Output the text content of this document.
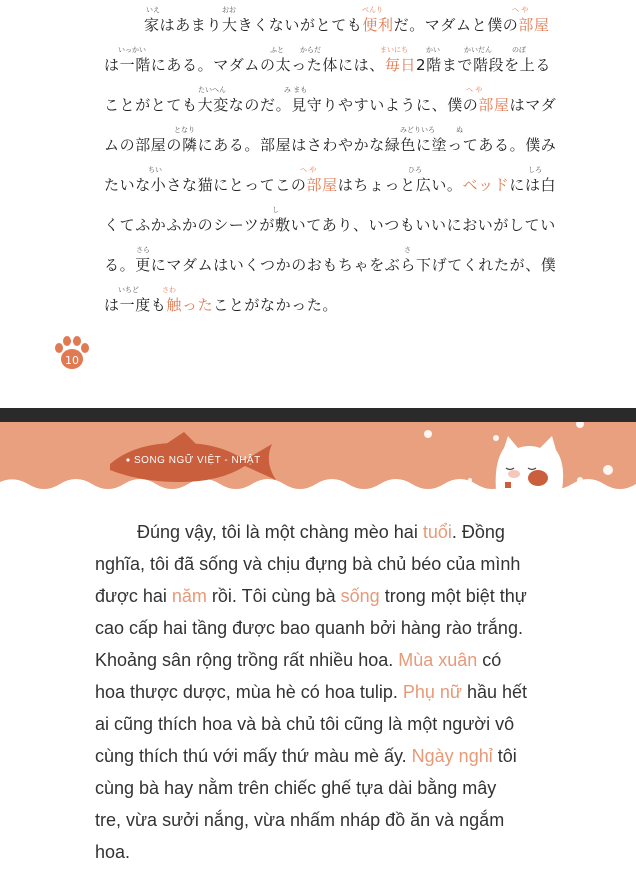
家はあまり大きくないがとても便利だ。マダムと僕の部屋
は一階にある。マダムの太った体には、毎日2階まで階段を上る
ことがとても大変なのだ。見守りやすいように、僕の部屋はマダ
ムの部屋の隣にある。部屋はさわやかな緑色に塗ってある。僕み
たいな小さな猫にとってこの部屋はちょっと広い。ベッドには白
くてふかふかのシーツが敷いてあり、いつもいいにおいがしてい
る。更にマダムはいくつかのおもちゃをぶら下げてくれたが、僕
は一度も触ったことがなかった。
いえ	おお	べんり	へ や
いっかい	ふと からだ	まいにち	かい	かいだん	のぼ
たいへん	み まも	へ や
となり	みどりいろ	ぬ
ちい	へ や	ひろ	しろ
し
さら	さ
いちど	さわ
10
SONG NGỮ VIỆT - NHẬT
Đúng vậy, tôi là một chàng mèo hai tuổi. Đồng
nghĩa, tôi đã sống và chịu đựng bà chủ béo của mình
được hai năm rồi. Tôi cùng bà sống trong một biệt thự
cao cấp hai tầng được bao quanh bởi hàng rào trắng.
Khoảng sân rộng trồng rất nhiều hoa. Mùa xuân có
hoa thược dược, mùa hè có hoa tulip. Phụ nữ hầu hết
ai cũng thích hoa và bà chủ tôi cũng là một người vô
cùng thích thú với mấy thứ màu mè ấy. Ngày nghỉ tôi
cùng bà hay nằm trên chiếc ghế tựa dài bằng mây
tre, vừa sưởi nắng, vừa nhấm nháp đồ ăn và ngắm
hoa.
